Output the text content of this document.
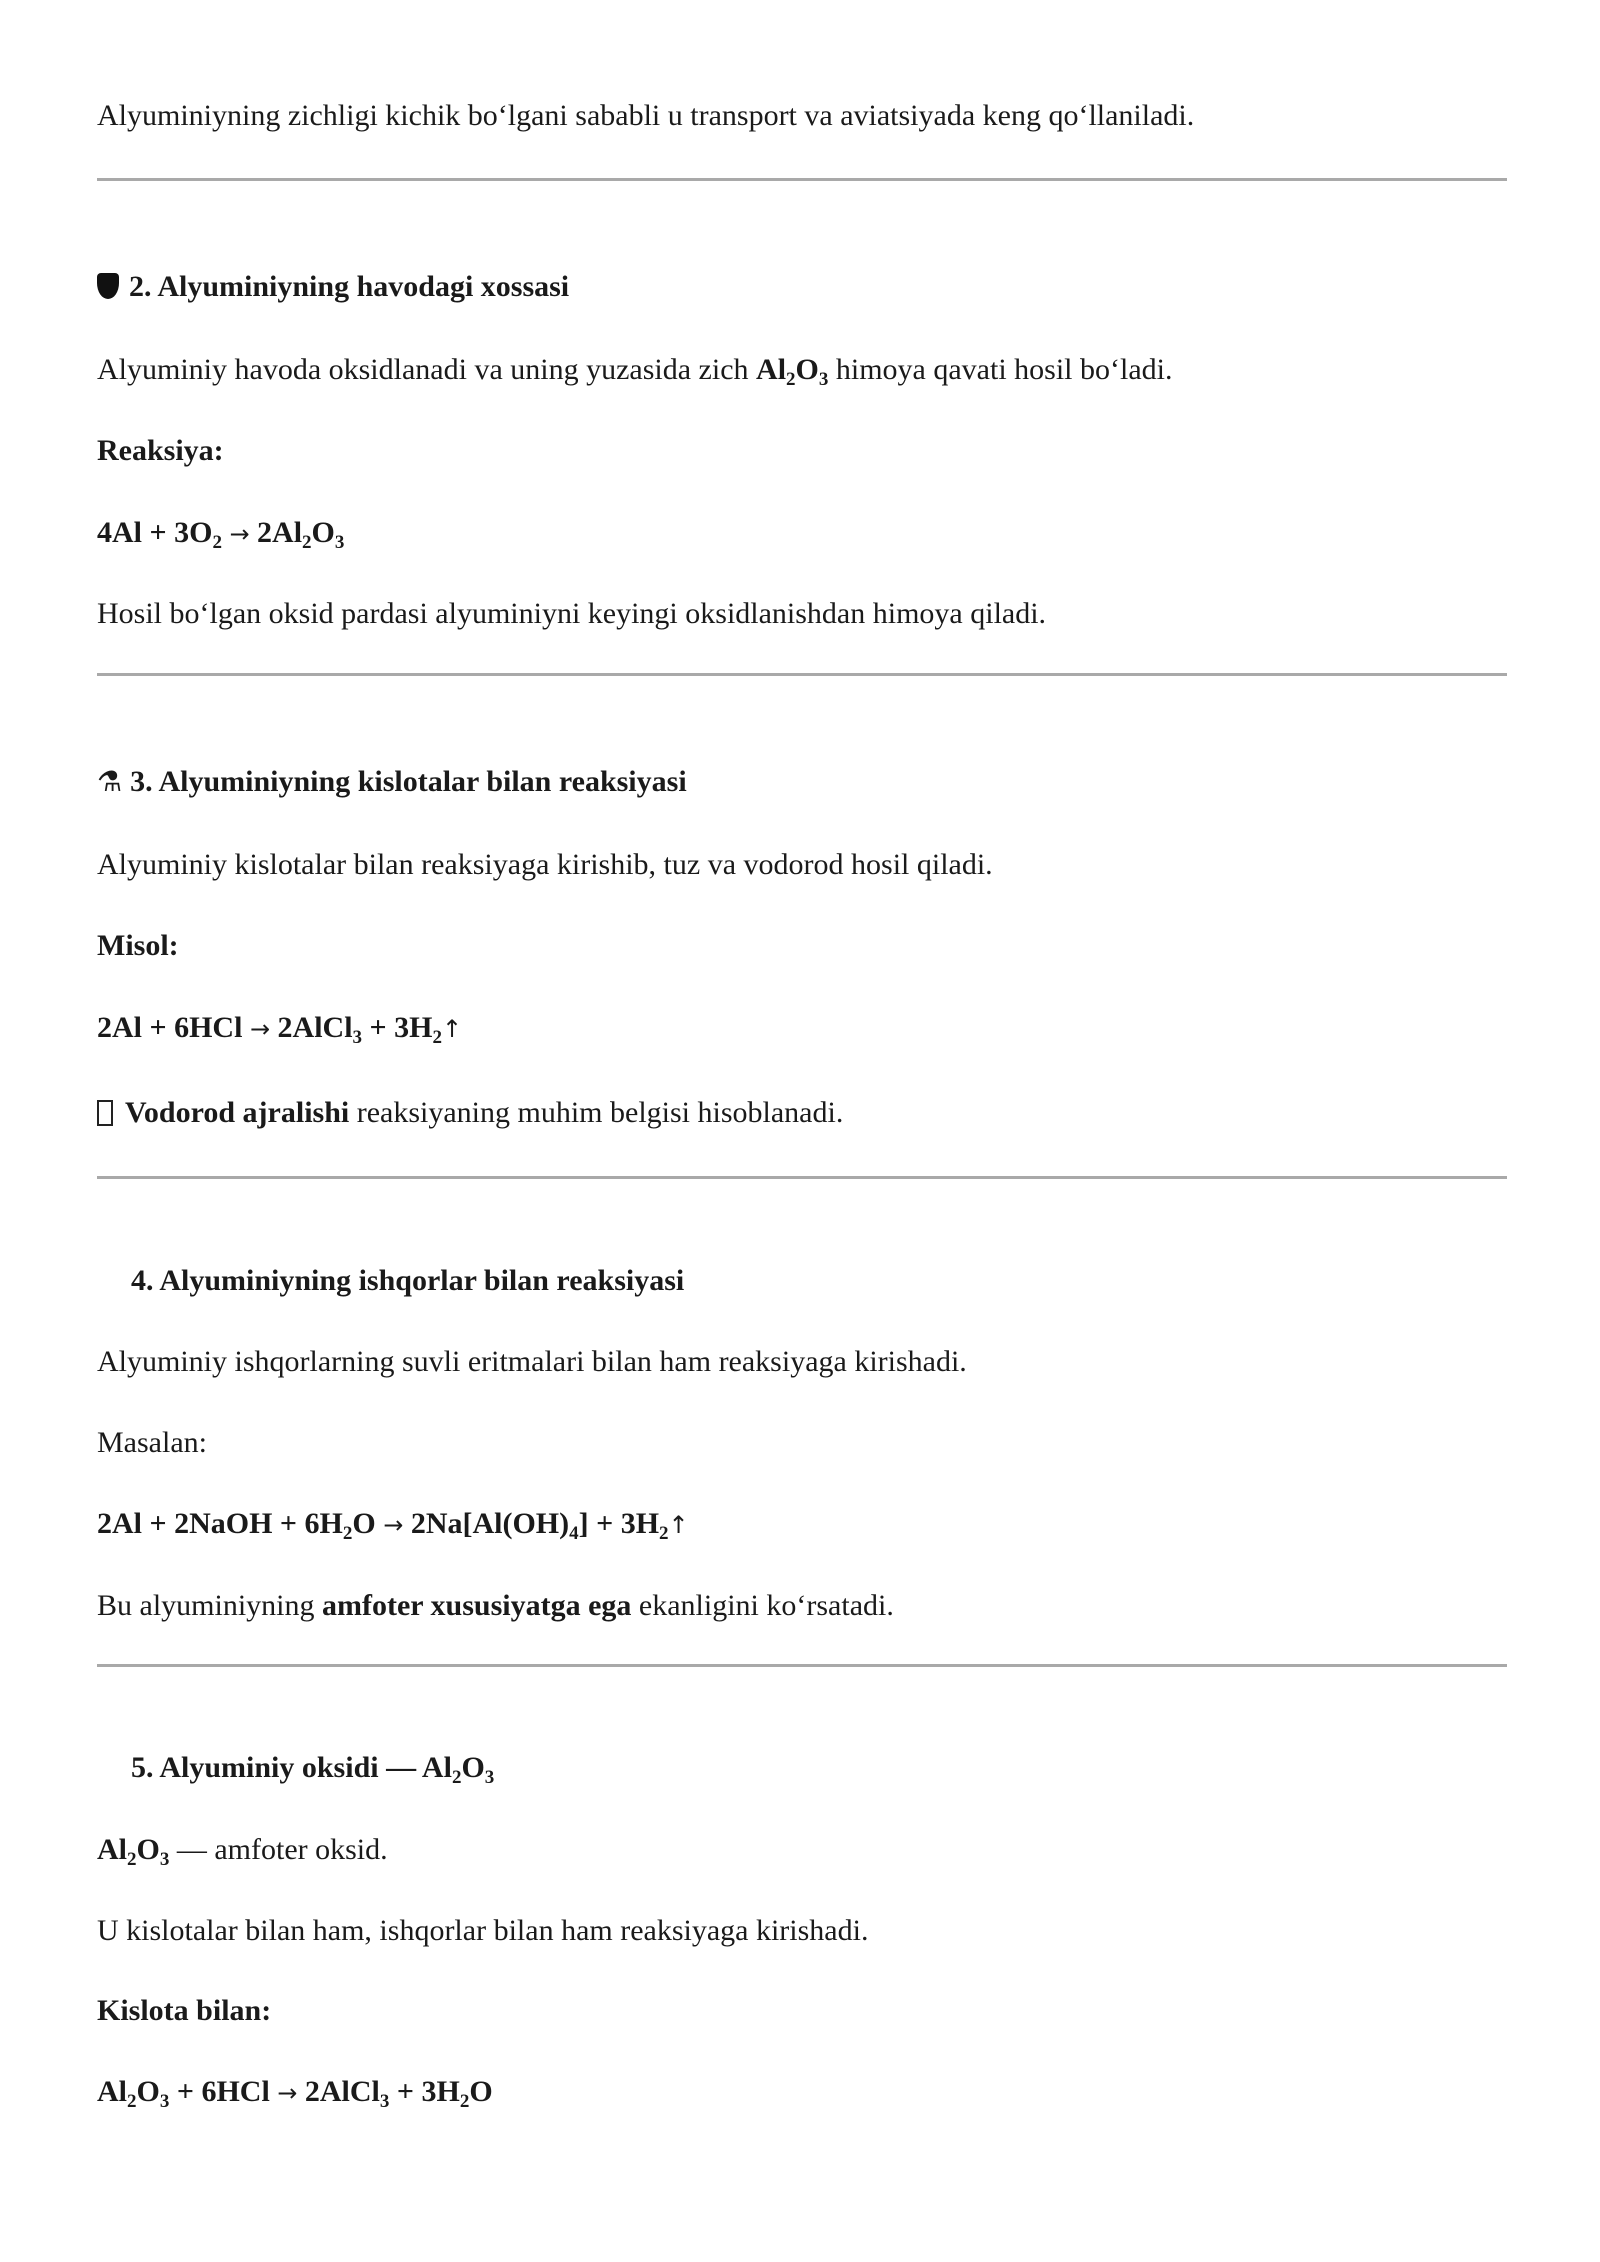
Alyuminiyning zichligi kichik bo‘lgani sababli u transport va aviatsiyada keng qo‘llaniladi.
2. Alyuminiyning havodagi xossasi
Alyuminiy havoda oksidlanadi va uning yuzasida zich $Al_2O_3$ himoya qavati hosil bo‘ladi.
Reaksiya:
$4Al + 3O_2 \to 2Al_2O_3$
Hosil bo‘lgan oksid pardasi alyuminiyni keyingi oksidlanishdan himoya qiladi.
⚗ 3. Alyuminiyning kislotalar bilan reaksiyasi
Alyuminiy kislotalar bilan reaksiyaga kirishib, tuz va vodorod hosil qiladi.
Misol:
2Al + 6HCl → 2AlCl$_3$ + $3H_2↑$
Vodorod ajralishi reaksiyaning muhim belgisi hisoblanadi.
4. Alyuminiyning ishqorlar bilan reaksiyasi
Alyuminiy ishqorlarning suvli eritmalari bilan ham reaksiyaga kirishadi.
Masalan:
2Al + 2NaOH + $6H_2O \to 2Na[Al(OH)_4]$ + $3H_2↑$
Bu alyuminiyning amfoter xususiyatga ega ekanligini ko‘rsatadi.
5. Alyuminiy oksidi — $Al_2O_3$
$Al_2O_3$ — amfoter oksid.
U kislotalar bilan ham, ishqorlar bilan ham reaksiyaga kirishadi.
Kislota bilan:
$Al_2O_3 + 6HCl$ → 2AlCl$_3$ + $3H_2O$
